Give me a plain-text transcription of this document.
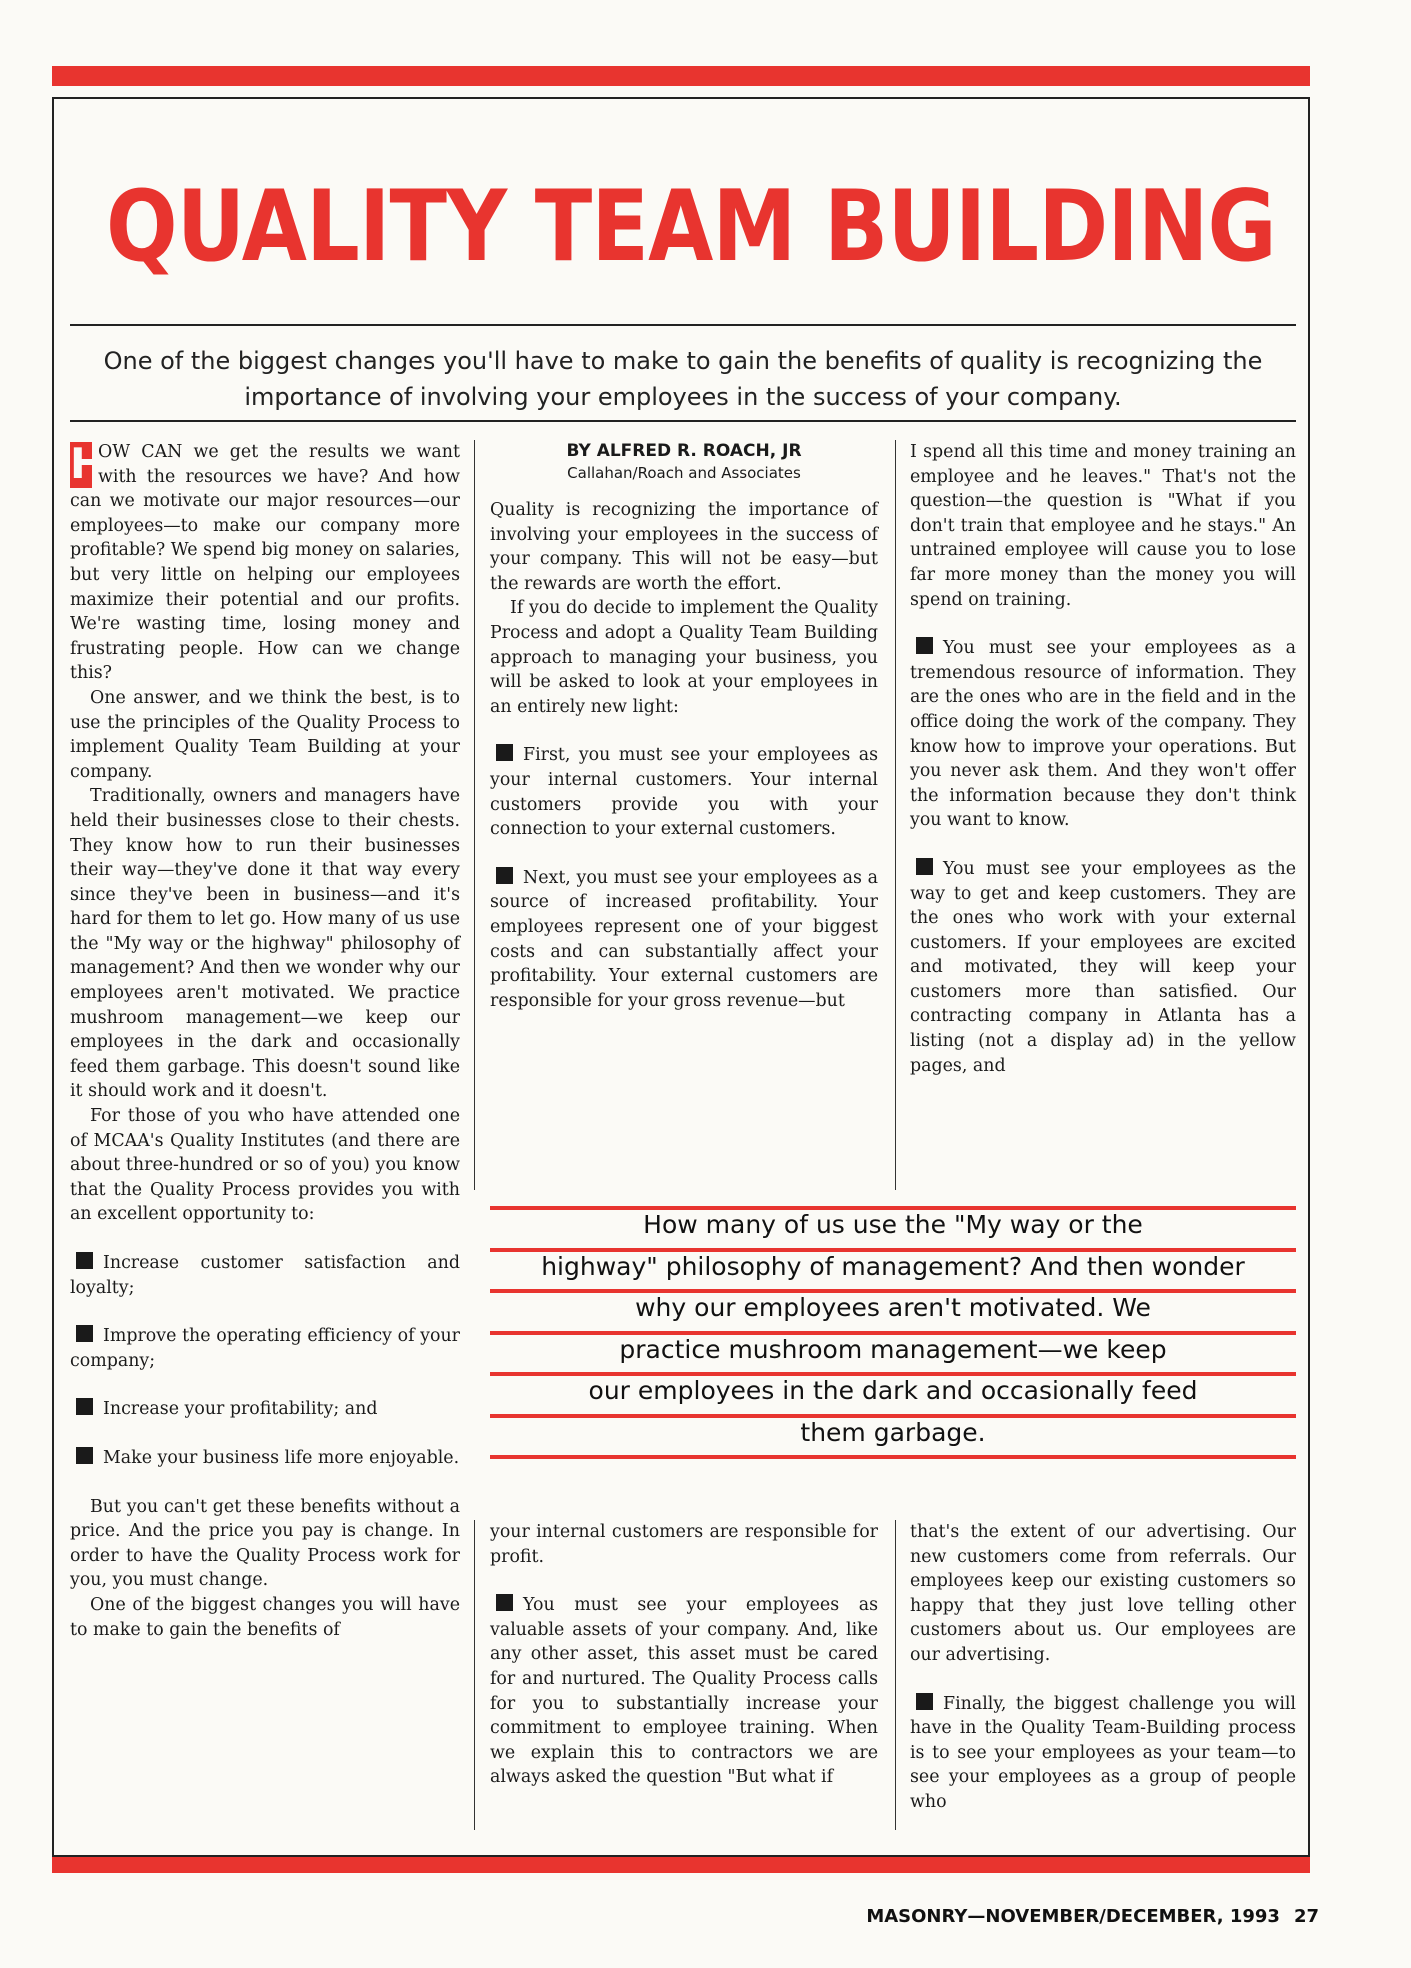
QUALITY TEAM BUILDING
One of the biggest changes you'll have to make to gain the benefits of quality is recognizing the importance of involving your employees in the success of your company.

H
OW CAN we get the results we want with the resources we have? And how can we motivate our major resources—our employees—to make our company more profitable? We spend big money on salaries, but very little on helping our employees maximize their potential and our profits. We're wasting time, losing money and frustrating people. How can we change this?

One answer, and we think the best, is to use the principles of the Quality Process to implement Quality Team Building at your company.

Traditionally, owners and managers have held their businesses close to their chests. They know how to run their businesses their way—they've done it that way every since they've been in business—and it's hard for them to let go. How many of us use the "My way or the highway" philosophy of management? And then we wonder why our employees aren't motivated. We practice mushroom management—we keep our employees in the dark and occasionally feed them garbage. This doesn't sound like it should work and it doesn't.

For those of you who have attended one of MCAA's Quality Institutes (and there are about three-hundred or so of you) you know that the Quality Process provides you with an excellent opportunity to:

Increase customer satisfaction and loyalty;

Improve the operating efficiency of your company;

Increase your profitability; and

Make your business life more enjoyable.

But you can't get these benefits without a price. And the price you pay is change. In order to have the Quality Process work for you, you must change.

One of the biggest changes you will have to make to gain the benefits of

BY ALFRED R. ROACH, JR
Callahan/Roach and Associates

Quality is recognizing the importance of involving your employees in the success of your company. This will not be easy—but the rewards are worth the effort.

If you do decide to implement the Quality Process and adopt a Quality Team Building approach to managing your business, you will be asked to look at your employees in an entirely new light:

First, you must see your employees as your internal customers. Your internal customers provide you with your connection to your external customers.

Next, you must see your employees as a source of increased profitability. Your employees represent one of your biggest costs and can substantially affect your profitability. Your external customers are responsible for your gross revenue—but

I spend all this time and money training an employee and he leaves." That's not the question—the question is "What if you don't train that employee and he stays." An untrained employee will cause you to lose far more money than the money you will spend on training.

You must see your employees as a tremendous resource of information. They are the ones who are in the field and in the office doing the work of the company. They know how to improve your operations. But you never ask them. And they won't offer the information because they don't think you want to know.

You must see your employees as the way to get and keep customers. They are the ones who work with your external customers. If your employees are excited and motivated, they will keep your customers more than satisfied. Our contracting company in Atlanta has a listing (not a display ad) in the yellow pages, and

How many of us use the "My way or the
highway" philosophy of management? And then wonder
why our employees aren't motivated. We
practice mushroom management—we keep
our employees in the dark and occasionally feed
them garbage.

your internal customers are responsible for profit.

You must see your employees as valuable assets of your company. And, like any other asset, this asset must be cared for and nurtured. The Quality Process calls for you to substantially increase your commitment to employee training. When we explain this to contractors we are always asked the question "But what if

that's the extent of our advertising. Our new customers come from referrals. Our employees keep our existing customers so happy that they just love telling other customers about us. Our employees are our advertising.

Finally, the biggest challenge you will have in the Quality Team-Building process is to see your employees as your team—to see your employees as a group of people who

MASONRY—NOVEMBER/DECEMBER, 1993 27
